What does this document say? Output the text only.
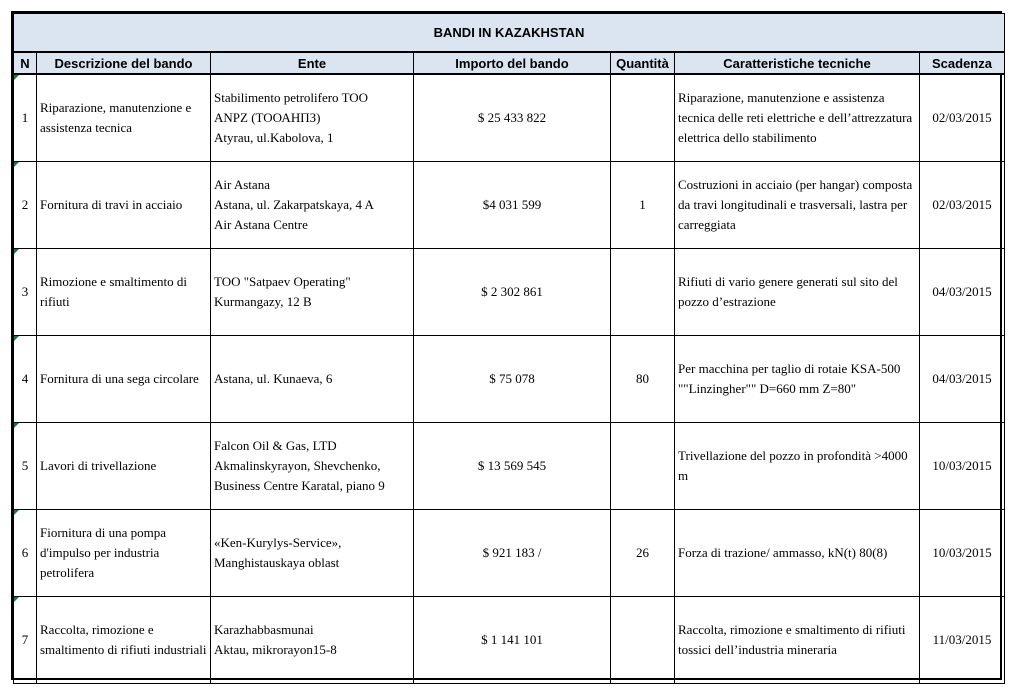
BANDI IN KAZAKHSTAN						
N	Descrizione del bando	Ente	Importo del bando	Quantità	Caratteristiche tecniche	Scadenza

1	Riparazione, manutenzione e assistenza tecnica	Stabilimento petrolifero TOO
ANPZ (ТООАНПЗ)
Atyrau, ul.Kabolova, 1	$ 25 433 822		Riparazione, manutenzione e assistenza tecnica delle reti elettriche e dell’attrezzatura elettrica dello stabilimento	02/03/2015

2	Fornitura di travi in acciaio	Air Astana
Astana, ul. Zakarpatskaya, 4 A
Air Astana Centre	$4 031 599	1	Costruzioni in acciaio (per hangar) composta da travi longitudinali e trasversali, lastra per carreggiata	02/03/2015

3	Rimozione e smaltimento di rifiuti	TOO "Satpaev Operating"
Kurmangazy, 12 B	$ 2 302 861		Rifiuti di vario genere generati sul sito del pozzo d’estrazione	04/03/2015

4	Fornitura di una sega circolare	Astana, ul. Kunaeva, 6	$ 75 078	80	Per macchina per taglio di rotaie KSA-500 ""Linzingher"" D=660 mm Z=80"	04/03/2015

5	Lavori di trivellazione	Falcon Oil & Gas, LTD
Akmalinskyrayon, Shevchenko,
Business Centre Karatal, piano 9	$ 13 569 545		Trivellazione del pozzo in profondità >4000 m	10/03/2015

6	Fiornitura di una pompa d'impulso per industria petrolifera	«Ken-Kurylys-Service»,
Manghistauskaya oblast	$ 921 183 /	26	Forza di trazione/ ammasso, kN(t) 80(8)	10/03/2015

7	Raccolta, rimozione e smaltimento di rifiuti industriali	Karazhabbasmunai
Aktau, mikrorayon15-8	$ 1 141 101		Raccolta, rimozione e smaltimento di rifiuti tossici dell’industria mineraria	11/03/2015
